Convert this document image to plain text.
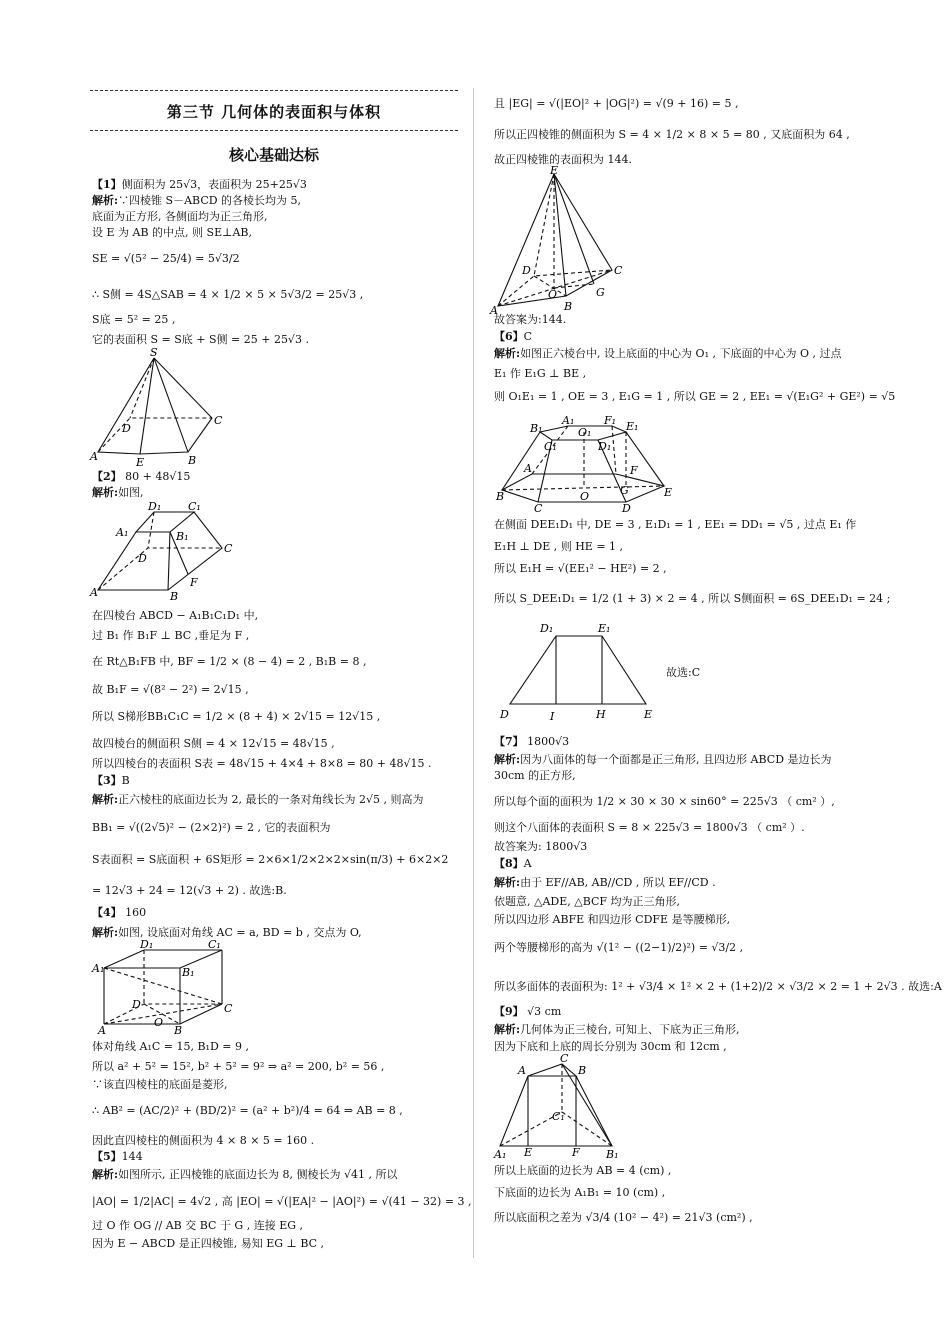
第三节 几何体的表面积与体积
核心基础达标
【1】侧面积为 25√3，表面积为 25+25√3
解析:∵四棱锥 S－ABCD 的各棱长均为 5,
底面为正方形, 各侧面均为正三角形,
设 E 为 AB 的中点, 则 SE⊥AB,
SE = √(5² − 25/4) = 5√3/2
∴ S侧 = 4S△SAB = 4 × 1/2 × 5 × 5√3/2 = 25√3 ,
S底 = 5² = 25 ,
它的表面积 S = S底 + S侧 = 25 + 25√3 .
S
D
C
A	E	B
【2】 80 + 48√15
解析:如图,
D₁ C₁
A₁	B₁
C
D
B
F
A
在四棱台 ABCD − A₁B₁C₁D₁ 中,
过 B₁ 作 B₁F ⊥ BC ,垂足为 F ,
在 Rt△B₁FB 中, BF = 1/2 × (8 − 4) = 2 , B₁B = 8 ,
故 B₁F = √(8² − 2²) = 2√15 ,
所以 S梯形BB₁C₁C = 1/2 × (8 + 4) × 2√15 = 12√15 ,
故四棱台的侧面积 S侧 = 4 × 12√15 = 48√15 ,
所以四棱台的表面积 S表 = 48√15 + 4×4 + 8×8 = 80 + 48√15 .
【3】B
解析:正六棱柱的底面边长为 2, 最长的一条对角线长为 2√5 , 则高为
BB₁ = √((2√5)² − (2×2)²) = 2 , 它的表面积为
S表面积 = S底面积 + 6S矩形 = 2×6×1/2×2×2×sin(π/3) + 6×2×2
= 12√3 + 24 = 12(√3 + 2) . 故选:B.
【4】 160
解析:如图, 设底面对角线 AC = a, BD = b , 交点为 O,
D₁	C₁
A₁	B₁
D	C
O
A	B
体对角线 A₁C = 15, B₁D = 9 ,
所以 a² + 5² = 15², b² + 5² = 9² ⇒ a² = 200, b² = 56 ,
∵该直四棱柱的底面是菱形,
∴ AB² = (AC/2)² + (BD/2)² = (a² + b²)/4 = 64 ⇒ AB = 8 ,
因此直四棱柱的侧面积为 4 × 8 × 5 = 160 .
【5】144
解析:如图所示, 正四棱锥的底面边长为 8, 侧棱长为 √41 , 所以
|AO| = 1/2|AC| = 4√2 , 高 |EO| = √(|EA|² − |AO|²) = √(41 − 32) = 3 ,
过 O 作 OG // AB 交 BC 于 G , 连接 EG ,
因为 E − ABCD 是正四棱锥, 易知 EG ⊥ BC ,
且 |EG| = √(|EO|² + |OG|²) = √(9 + 16) = 5 ,
所以正四棱锥的侧面积为 S = 4 × 1/2 × 8 × 5 = 80 , 又底面积为 64 ,
故正四棱锥的表面积为 144.
E
D	C
O	G
A	B
故答案为:144.
【6】C
解析:如图正六棱台中, 设上底面的中心为 O₁ , 下底面的中心为 O , 过点
E₁ 作 E₁G ⊥ BE ,
则 O₁E₁ = 1 , OE = 3 , E₁G = 1 , 所以 GE = 2 , EE₁ = √(E₁G² + GE²) = √5
A₁	F₁
B₁	O₁	E₁
C₁	D₁
F
B
A
C
O
D
G	E
在侧面 DEE₁D₁ 中, DE = 3 , E₁D₁ = 1 , EE₁ = DD₁ = √5 , 过点 E₁ 作
E₁H ⊥ DE , 则 HE = 1 ,
所以 E₁H = √(EE₁² − HE²) = 2 ,
所以 S_DEE₁D₁ = 1/2 (1 + 3) × 2 = 4 , 所以 S侧面积 = 6S_DEE₁D₁ = 24 ;
D₁	E₁
D	I	H	E
故选:C
【7】 1800√3
解析:因为八面体的每一个面都是正三角形, 且四边形 ABCD 是边长为
30cm 的正方形,
所以每个面的面积为 1/2 × 30 × 30 × sin60° = 225√3 （ cm² ）,
则这个八面体的表面积 S = 8 × 225√3 = 1800√3 （ cm² ）.
故答案为: 1800√3
【8】A
解析:由于 EF//AB, AB//CD , 所以 EF//CD .
依题意, △ADE, △BCF 均为正三角形,
所以四边形 ABFE 和四边形 CDFE 是等腰梯形,
两个等腰梯形的高为 √(1² − ((2−1)/2)²) = √3/2 ,
所以多面体的表面积为: 1² + √3/4 × 1² × 2 + (1+2)/2 × √3/2 × 2 = 1 + 2√3 . 故选:A
【9】 √3 cm
解析:几何体为正三棱台, 可知上、下底为正三角形,
因为下底和上底的周长分别为 30cm 和 12cm ,
C
A	B
C₁
A₁ E	F B₁
所以上底面的边长为 AB = 4 (cm) ,
下底面的边长为 A₁B₁ = 10 (cm) ,
所以底面积之差为 √3/4 (10² − 4²) = 21√3 (cm²) ,
